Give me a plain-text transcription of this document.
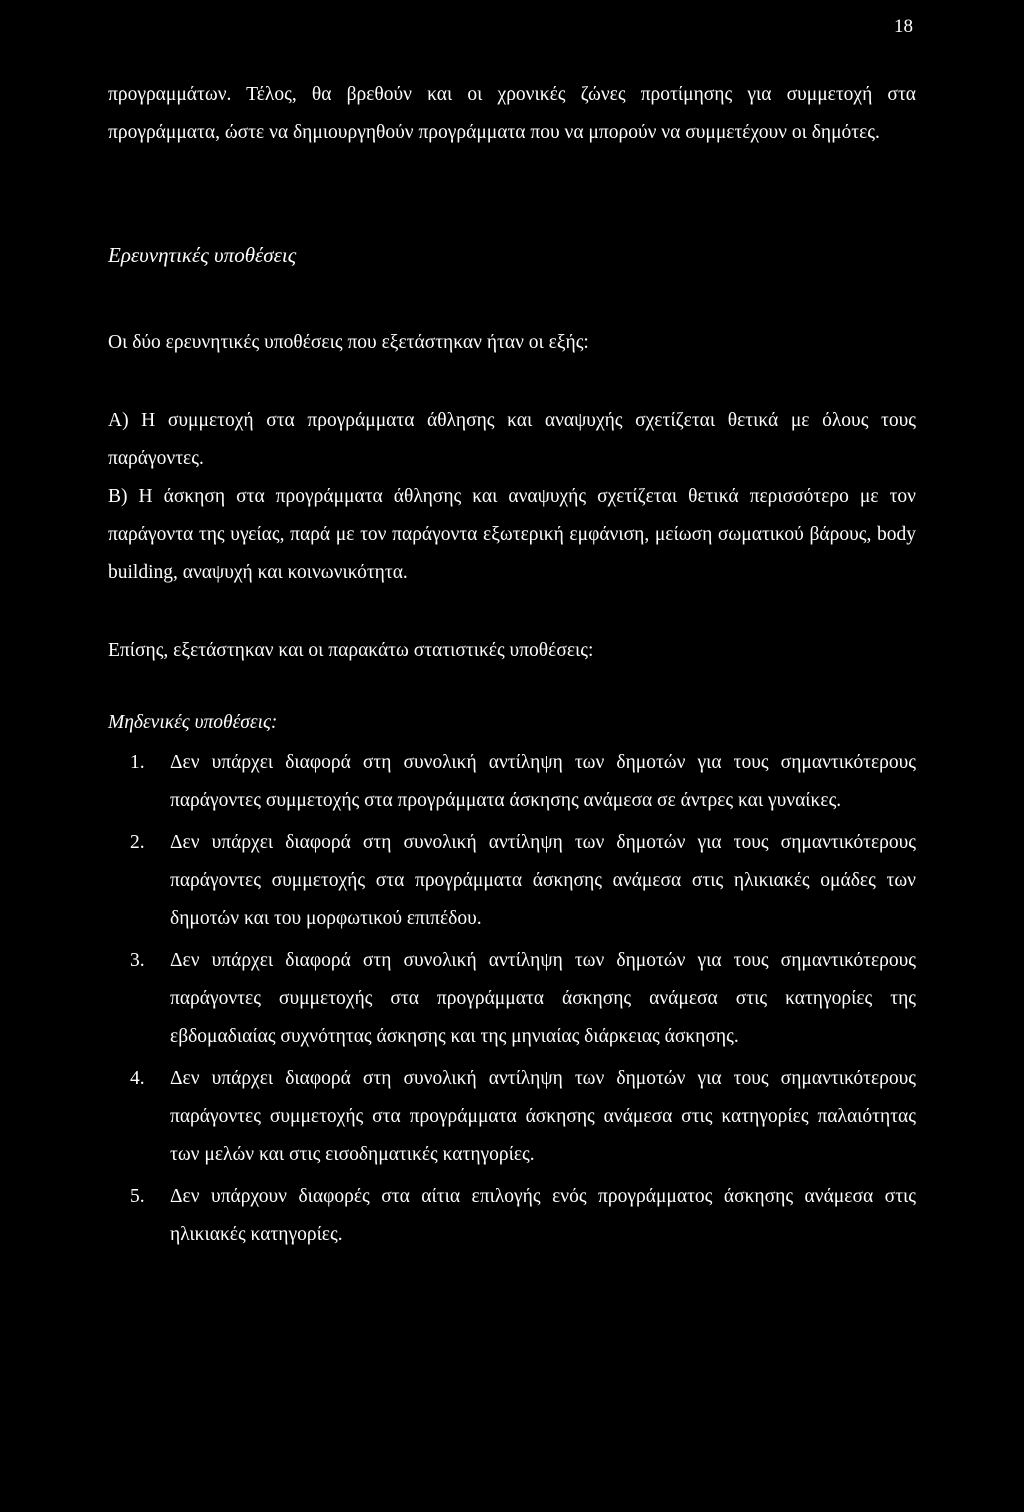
18

προγραμμάτων. Τέλος, θα βρεθούν και οι χρονικές ζώνες προτίμησης για συμμετοχή στα προγράμματα, ώστε να δημιουργηθούν προγράμματα που να μπορούν να συμμετέχουν οι δημότες.

Ερευνητικές υποθέσεις

Οι δύο ερευνητικές υποθέσεις που εξετάστηκαν ήταν οι εξής:

Α) Η συμμετοχή στα προγράμματα άθλησης και αναψυχής σχετίζεται θετικά με όλους τους παράγοντες.

Β) Η άσκηση στα προγράμματα άθλησης και αναψυχής σχετίζεται θετικά περισσότερο με τον παράγοντα της υγείας, παρά με τον παράγοντα εξωτερική εμφάνιση, μείωση σωματικού βάρους, body building, αναψυχή και κοινωνικότητα.

Επίσης, εξετάστηκαν και οι παρακάτω στατιστικές υποθέσεις:

Μηδενικές υποθέσεις:

1. Δεν υπάρχει διαφορά στη συνολική αντίληψη των δημοτών για τους σημαντικότερους παράγοντες συμμετοχής στα προγράμματα άσκησης ανάμεσα σε άντρες και γυναίκες.
2. Δεν υπάρχει διαφορά στη συνολική αντίληψη των δημοτών για τους σημαντικότερους παράγοντες συμμετοχής στα προγράμματα άσκησης ανάμεσα στις ηλικιακές ομάδες των δημοτών και του μορφωτικού επιπέδου.
3. Δεν υπάρχει διαφορά στη συνολική αντίληψη των δημοτών για τους σημαντικότερους παράγοντες συμμετοχής στα προγράμματα άσκησης ανάμεσα στις κατηγορίες της εβδομαδιαίας συχνότητας άσκησης και της μηνιαίας διάρκειας άσκησης.
4. Δεν υπάρχει διαφορά στη συνολική αντίληψη των δημοτών για τους σημαντικότερους παράγοντες συμμετοχής στα προγράμματα άσκησης ανάμεσα στις κατηγορίες παλαιότητας των μελών και στις εισοδηματικές κατηγορίες.
5. Δεν υπάρχουν διαφορές στα αίτια επιλογής ενός προγράμματος άσκησης ανάμεσα στις ηλικιακές κατηγορίες.
